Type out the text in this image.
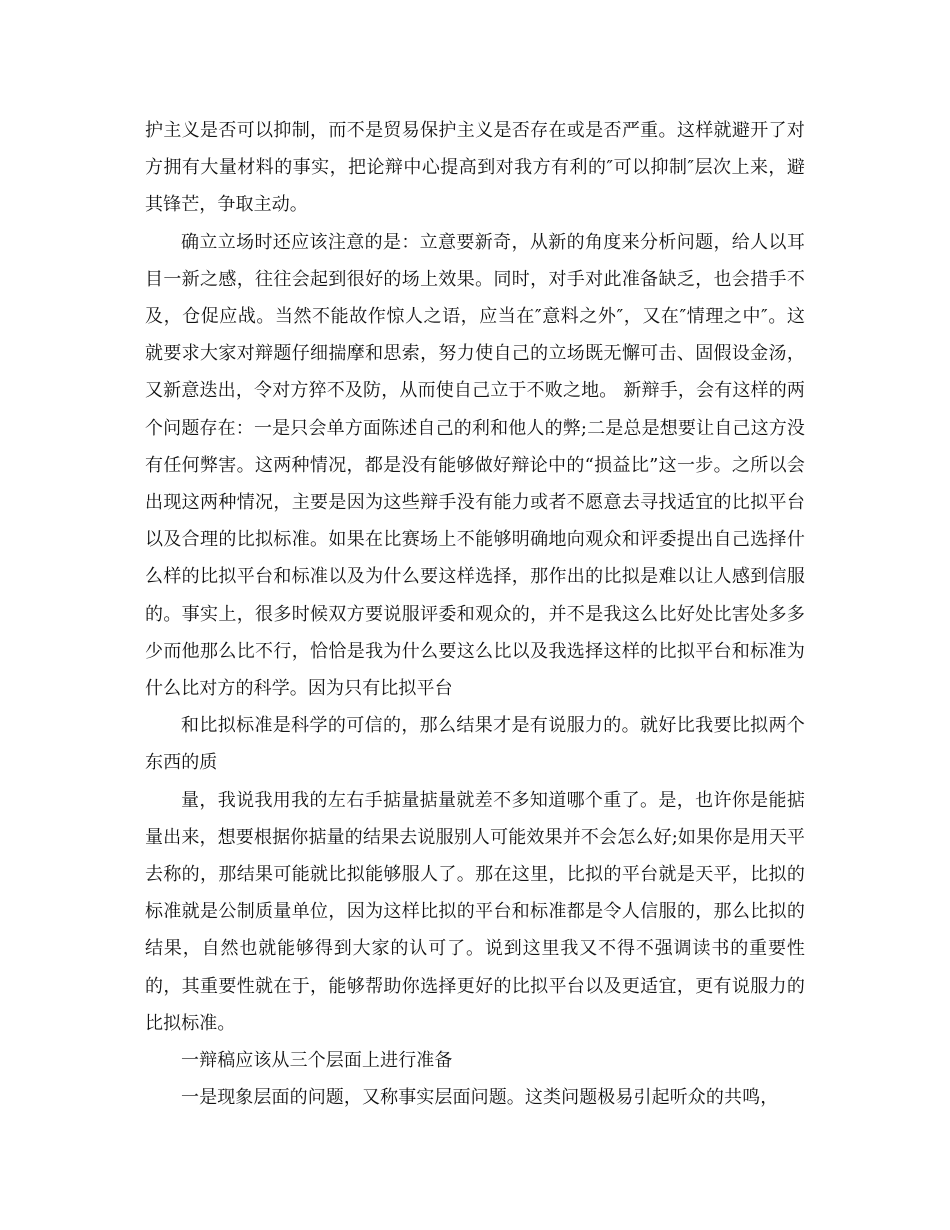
护主义是否可以抑制，而不是贸易保护主义是否存在或是否严重。这样就避开了对方拥有大量材料的事实，把论辩中心提高到对我方有利的″可以抑制″层次上来，避其锋芒，争取主动。

确立立场时还应该注意的是：立意要新奇，从新的角度来分析问题，给人以耳目一新之感，往往会起到很好的场上效果。同时，对手对此准备缺乏，也会措手不及，仓促应战。当然不能故作惊人之语，应当在″意料之外″，又在″情理之中″。这就要求大家对辩题仔细揣摩和思索，努力使自己的立场既无懈可击、固假设金汤，又新意迭出，令对方猝不及防，从而使自己立于不败之地。 新辩手，会有这样的两个问题存在：一是只会单方面陈述自己的利和他人的弊;二是总是想要让自己这方没有任何弊害。这两种情况，都是没有能够做好辩论中的“损益比”这一步。之所以会出现这两种情况，主要是因为这些辩手没有能力或者不愿意去寻找适宜的比拟平台以及合理的比拟标准。如果在比赛场上不能够明确地向观众和评委提出自己选择什么样的比拟平台和标准以及为什么要这样选择，那作出的比拟是难以让人感到信服的。事实上，很多时候双方要说服评委和观众的，并不是我这么比好处比害处多多少而他那么比不行，恰恰是我为什么要这么比以及我选择这样的比拟平台和标准为什么比对方的科学。因为只有比拟平台

和比拟标准是科学的可信的，那么结果才是有说服力的。就好比我要比拟两个东西的质

量，我说我用我的左右手掂量掂量就差不多知道哪个重了。是，也许你是能掂量出来，想要根据你掂量的结果去说服别人可能效果并不会怎么好;如果你是用天平去称的，那结果可能就比拟能够服人了。那在这里，比拟的平台就是天平，比拟的标准就是公制质量单位，因为这样比拟的平台和标准都是令人信服的，那么比拟的结果，自然也就能够得到大家的认可了。说到这里我又不得不强调读书的重要性的，其重要性就在于，能够帮助你选择更好的比拟平台以及更适宜，更有说服力的比拟标准。

一辩稿应该从三个层面上进行准备

一是现象层面的问题，又称事实层面问题。这类问题极易引起听众的共鸣，
